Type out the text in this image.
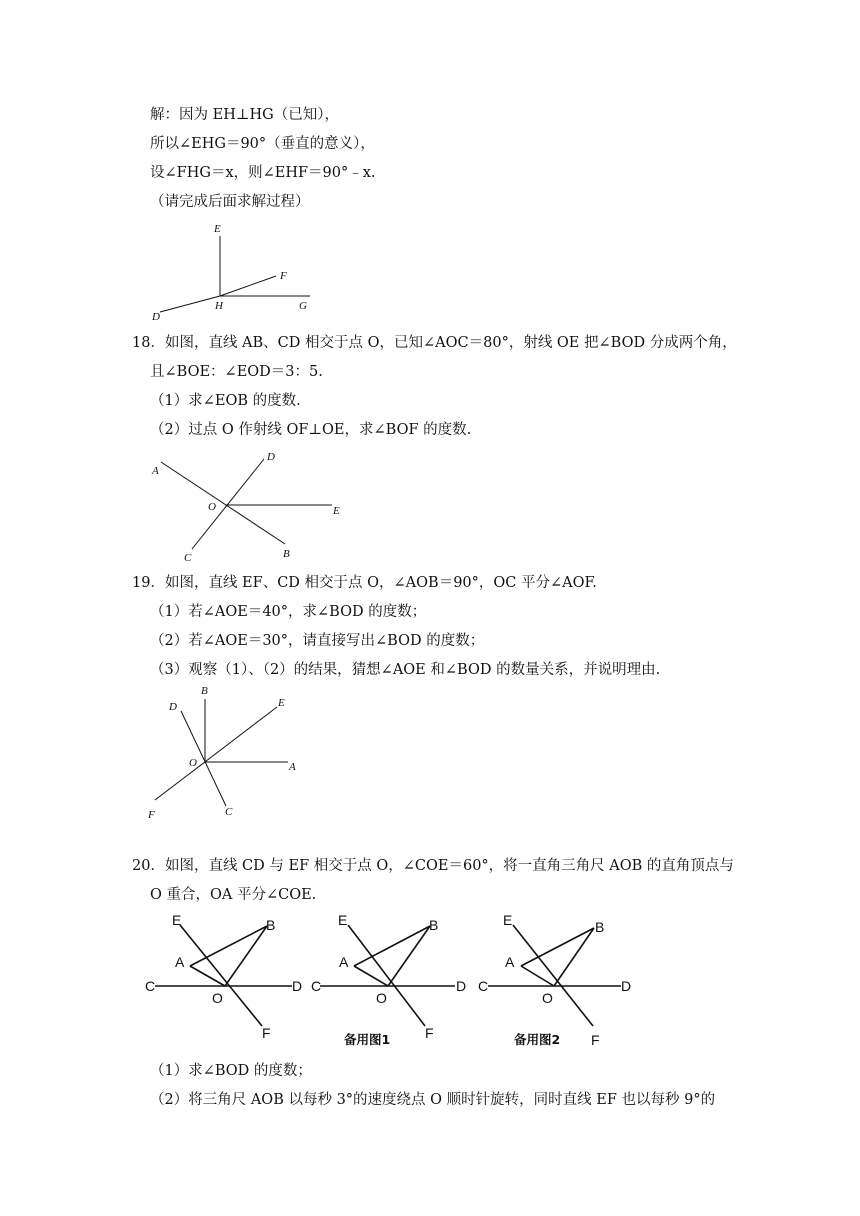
解：因为 EH⊥HG（已知），
所以∠EHG＝90°（垂直的意义），
设∠FHG＝x，则∠EHF＝90°﹣x.
（请完成后面求解过程）
E
F
D
H	G
18．如图，直线 AB、CD 相交于点 O，已知∠AOC＝80°，射线 OE 把∠BOD 分成两个角，
且∠BOE：∠EOD＝3：5.
（1）求∠EOB 的度数.
（2）过点 O 作射线 OF⊥OE，求∠BOF 的度数.
A
D
O	E
C	B
19．如图，直线 EF、CD 相交于点 O，∠AOB＝90°，OC 平分∠AOF.
（1）若∠AOE＝40°，求∠BOD 的度数；
（2）若∠AOE＝30°，请直接写出∠BOD 的度数；
（3）观察（1）、（2）的结果，猜想∠AOE 和∠BOD 的数量关系，并说明理由.
B
D	E
O	A
F	C
20．如图，直线 CD 与 EF 相交于点 O，∠COE＝60°，将一直角三角尺 AOB 的直角顶点与
O 重合，OA 平分∠COE.
E	B
A
C
O
D
F
E	B
A
C
O
D
F
备用图1
E	B
A
C
O
D
F
备用图2
（1）求∠BOD 的度数；
（2）将三角尺 AOB 以每秒 3°的速度绕点 O 顺时针旋转，同时直线 EF 也以每秒 9°的
